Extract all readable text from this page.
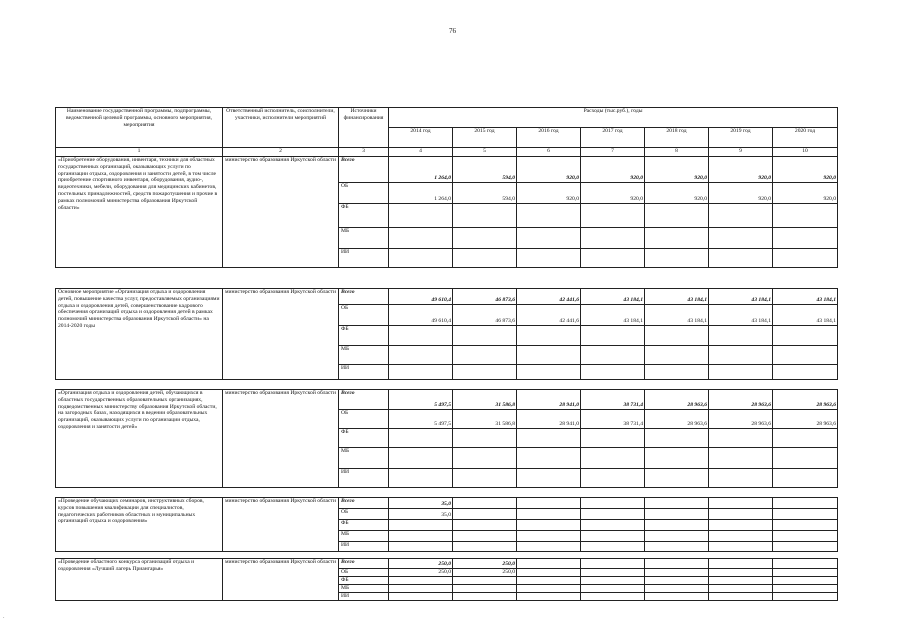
76
Наименование государственной программы, подпрограммы, ведомственной целевой программы, основного мероприятия, мероприятия	Ответственный исполнитель, соисполнители, участники, исполнители мероприятий	Источники финансирования	Расходы (тыс.руб.), годы						
			2014 год	2015 год	2016 год	2017 год	2018 год	2019 год	2020 год
1	2	3	4	5	6	7	8	9	10
«Приобретение оборудования, инвентаря, техники для областных государственных организаций, оказывающих услуги по организации отдыха, оздоровления и занятости детей, в том числе приобретение спортивного инвентаря, оборудования, аудио-, видеотехники, мебели, оборудования для медицинских кабинетов, постельных принадлежностей, средств пожаротушения и прочие в рамках полномочий министерства образования Иркутской области»	министерство образования Иркутской области	Всего	1 264,0	594,0	920,0	920,0	920,0	920,0	920,0
		ОБ	1 264,0	594,0	920,0	920,0	920,0	920,0	920,0
		ФБ							
		МБ							
		ИИ							

Основное мероприятие «Организация отдыха и оздоровления детей, повышение качества услуг, предоставляемых организациями отдыха и оздоровления детей, совершенствование кадрового обеспечения организаций отдыха и оздоровления детей в рамках полномочий министерства образования Иркутской области» на 2014-2020 годы	министерство образования Иркутской области	Всего	49 610,4	46 873,6	42 441,6	43 184,1	43 184,1	43 184,1	43 184,1
		ОБ	49 610,4	46 873,6	42 441,6	43 184,1	43 184,1	43 184,1	43 184,1
		ФБ							
		МБ							
		ИИ							

«Организация отдыха и оздоровления детей, обучающихся в областных государственных образовательных организациях, подведомственных министерству образования Иркутской области, на загородных базах, находящихся в ведении образовательных организаций, оказывающих услуги по организации отдыха, оздоровления и занятости детей»	министерство образования Иркутской области	Всего	5 497,5	31 586,8	28 941,0	38 731,4	28 963,6	28 963,6	28 963,6
		ОБ	5 497,5	31 586,8	28 941,0	38 731,4	28 963,6	28 963,6	28 963,6
		ФБ							
		МБ							
		ИИ							

«Проведение обучающих семинаров, инструктивных сборов, курсов повышения квалификации для специалистов, педагогических работников областных и муниципальных организаций отдыха и оздоровления»	министерство образования Иркутской области	Всего	35,0						
		ОБ	35,0						
		ФБ							
		МБ							
		ИИ							

«Проведение областного конкурса организаций отдыха и оздоровления «Лучший лагерь Приангарья»	министерство образования Иркутской области	Всего	250,0	250,0					
		ОБ	250,0	250,0					
		ФБ							
		МБ							
		ИИ							
.
